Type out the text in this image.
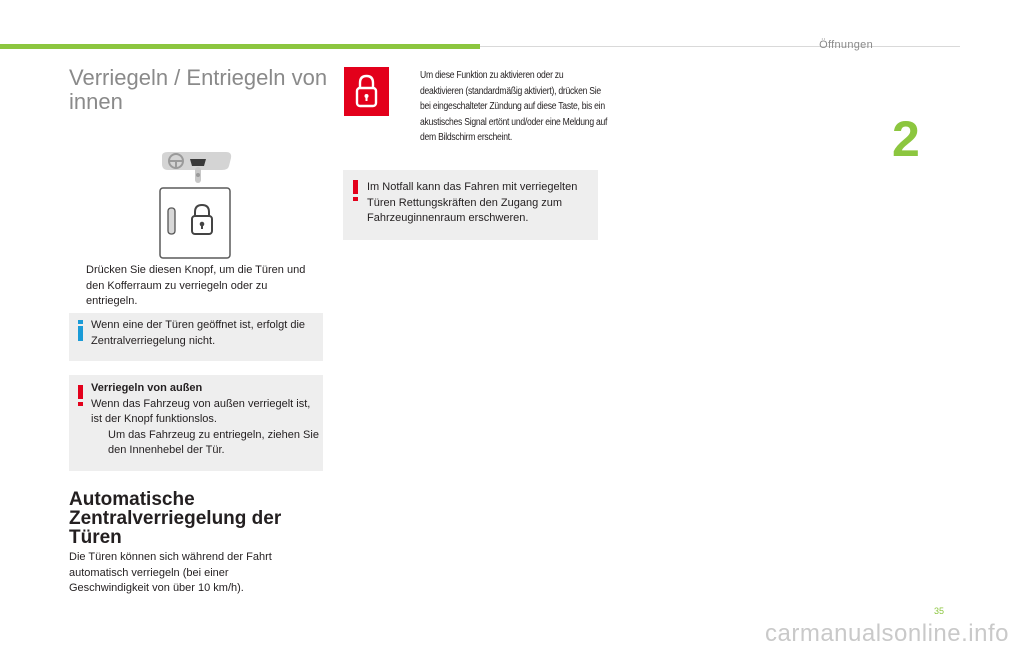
Öffnungen
2
Verriegeln / Entriegeln von innen
Drücken Sie diesen Knopf, um die Türen und den Kofferraum zu verriegeln oder zu entriegeln.
Wenn eine der Türen geöffnet ist, erfolgt die Zentralverriegelung nicht.
Verriegeln von außen
Wenn das Fahrzeug von außen verriegelt ist, ist der Knopf funktionslos.
Um das Fahrzeug zu entriegeln, ziehen Sie den Innenhebel der Tür.
Automatische Zentralverriegelung der Türen
Die Türen können sich während der Fahrt automatisch verriegeln (bei einer Geschwindigkeit von über 10 km/h).
Um diese Funktion zu aktivieren oder zu deaktivieren (standardmäßig aktiviert), drücken Sie bei eingeschalteter Zündung auf diese Taste, bis ein akustisches Signal ertönt und/oder eine Meldung auf dem Bildschirm erscheint.
Im Notfall kann das Fahren mit verriegelten Türen Rettungskräften den Zugang zum Fahrzeuginnenraum erschweren.
35
carmanualsonline.info
